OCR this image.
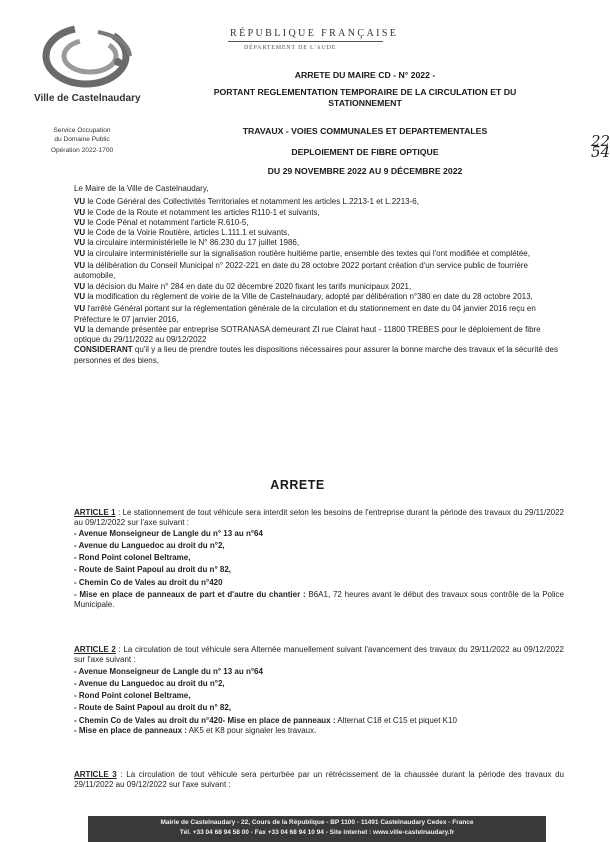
Ville de Castelnaudary
Service Occupation
du Domaine Public
Opération 2022-1700
RÉPUBLIQUE FRANÇAISE
DÉPARTEMENT DE L'AUDE
ARRETE DU MAIRE CD - N° 2022 -
22 54
PORTANT REGLEMENTATION TEMPORAIRE DE LA CIRCULATION ET DU
STATIONNEMENT
TRAVAUX - VOIES COMMUNALES ET DEPARTEMENTALES
DEPLOIEMENT DE FIBRE OPTIQUE
DU 29 NOVEMBRE 2022 AU 9 DÉCEMBRE 2022

Le Maire de la Ville de Castelnaudary,

VU le Code Général des Collectivités Territoriales et notamment les articles L.2213-1 et L.2213-6,

VU le Code de la Route et notamment les articles R110-1 et suivants,

VU le Code Pénal et notamment l'article R.610-5,

VU le Code de la Voirie Routière, articles L.111.1 et suivants,

VU la circulaire interministérielle le N° 86.230 du 17 juillet 1986,

VU la circulaire interministérielle sur la signalisation routière huitième partie, ensemble des textes qui l'ont modifiée et complétée,

VU la délibération du Conseil Municipal n° 2022-221 en date du 28 octobre 2022 portant création d'un service public de fourrière automobile,

VU la décision du Maire n° 284 en date du 02 décembre 2020 fixant les tarifs municipaux 2021,

VU la modification du règlement de voirie de la Ville de Castelnaudary, adopté par délibération n°380 en date du 28 octobre 2013,

VU l'arrêté Général portant sur la réglementation générale de la circulation et du stationnement en date du 04 janvier 2016 reçu en Préfecture le 07 janvier 2016,

VU la demande présentée par entreprise SOTRANASA demeurant ZI rue Clairat haut - 11800 TREBES pour le déploiement de fibre optique du 29/11/2022 au 09/12/2022

CONSIDERANT qu'il y a lieu de prendre toutes les dispositions nécessaires pour assurer la bonne marche des travaux et la sécurité des personnes et des biens,

ARRETE

ARTICLE 1 : Le stationnement de tout véhicule sera interdit selon les besoins de l'entreprise durant la période des travaux du 29/11/2022 au 09/12/2022 sur l'axe suivant :

- Avenue Monseigneur de Langle du n° 13 au n°64

- Avenue du Languedoc au droit du n°2,

- Rond Point colonel Beltrame,

- Route de Saint Papoul au droit du n° 82,

- Chemin Co de Vales au droit du n°420

- Mise en place de panneaux de part et d'autre du chantier : B6A1, 72 heures avant le début des travaux sous contrôle de la Police Municipale.

ARTICLE 2 : La circulation de tout véhicule sera Alternée manuellement suivant l'avancement des travaux du 29/11/2022 au 09/12/2022 sur l'axe suivant :

- Avenue Monseigneur de Langle du n° 13 au n°64

- Avenue du Languedoc au droit du n°2,

- Rond Point colonel Beltrame,

- Route de Saint Papoul au droit du n° 82,

- Chemin Co de Vales au droit du n°420- Mise en place de panneaux : Alternat C18 et C15 et piquet K10

- Mise en place de panneaux : AK5 et K8 pour signaler les travaux.

ARTICLE 3 : La circulation de tout véhicule sera perturbée par un rétrécissement de la chaussée durant la période des travaux du 29/11/2022 au 09/12/2022 sur l'axe suivant :

Mairie de Castelnaudary - 22, Cours de la République - BP 1100 - 11491 Castelnaudary Cedex - France
Tél. +33 04 68 94 58 00 - Fax +33 04 68 94 10 94 - Site internet : www.ville-castelnaudary.fr
